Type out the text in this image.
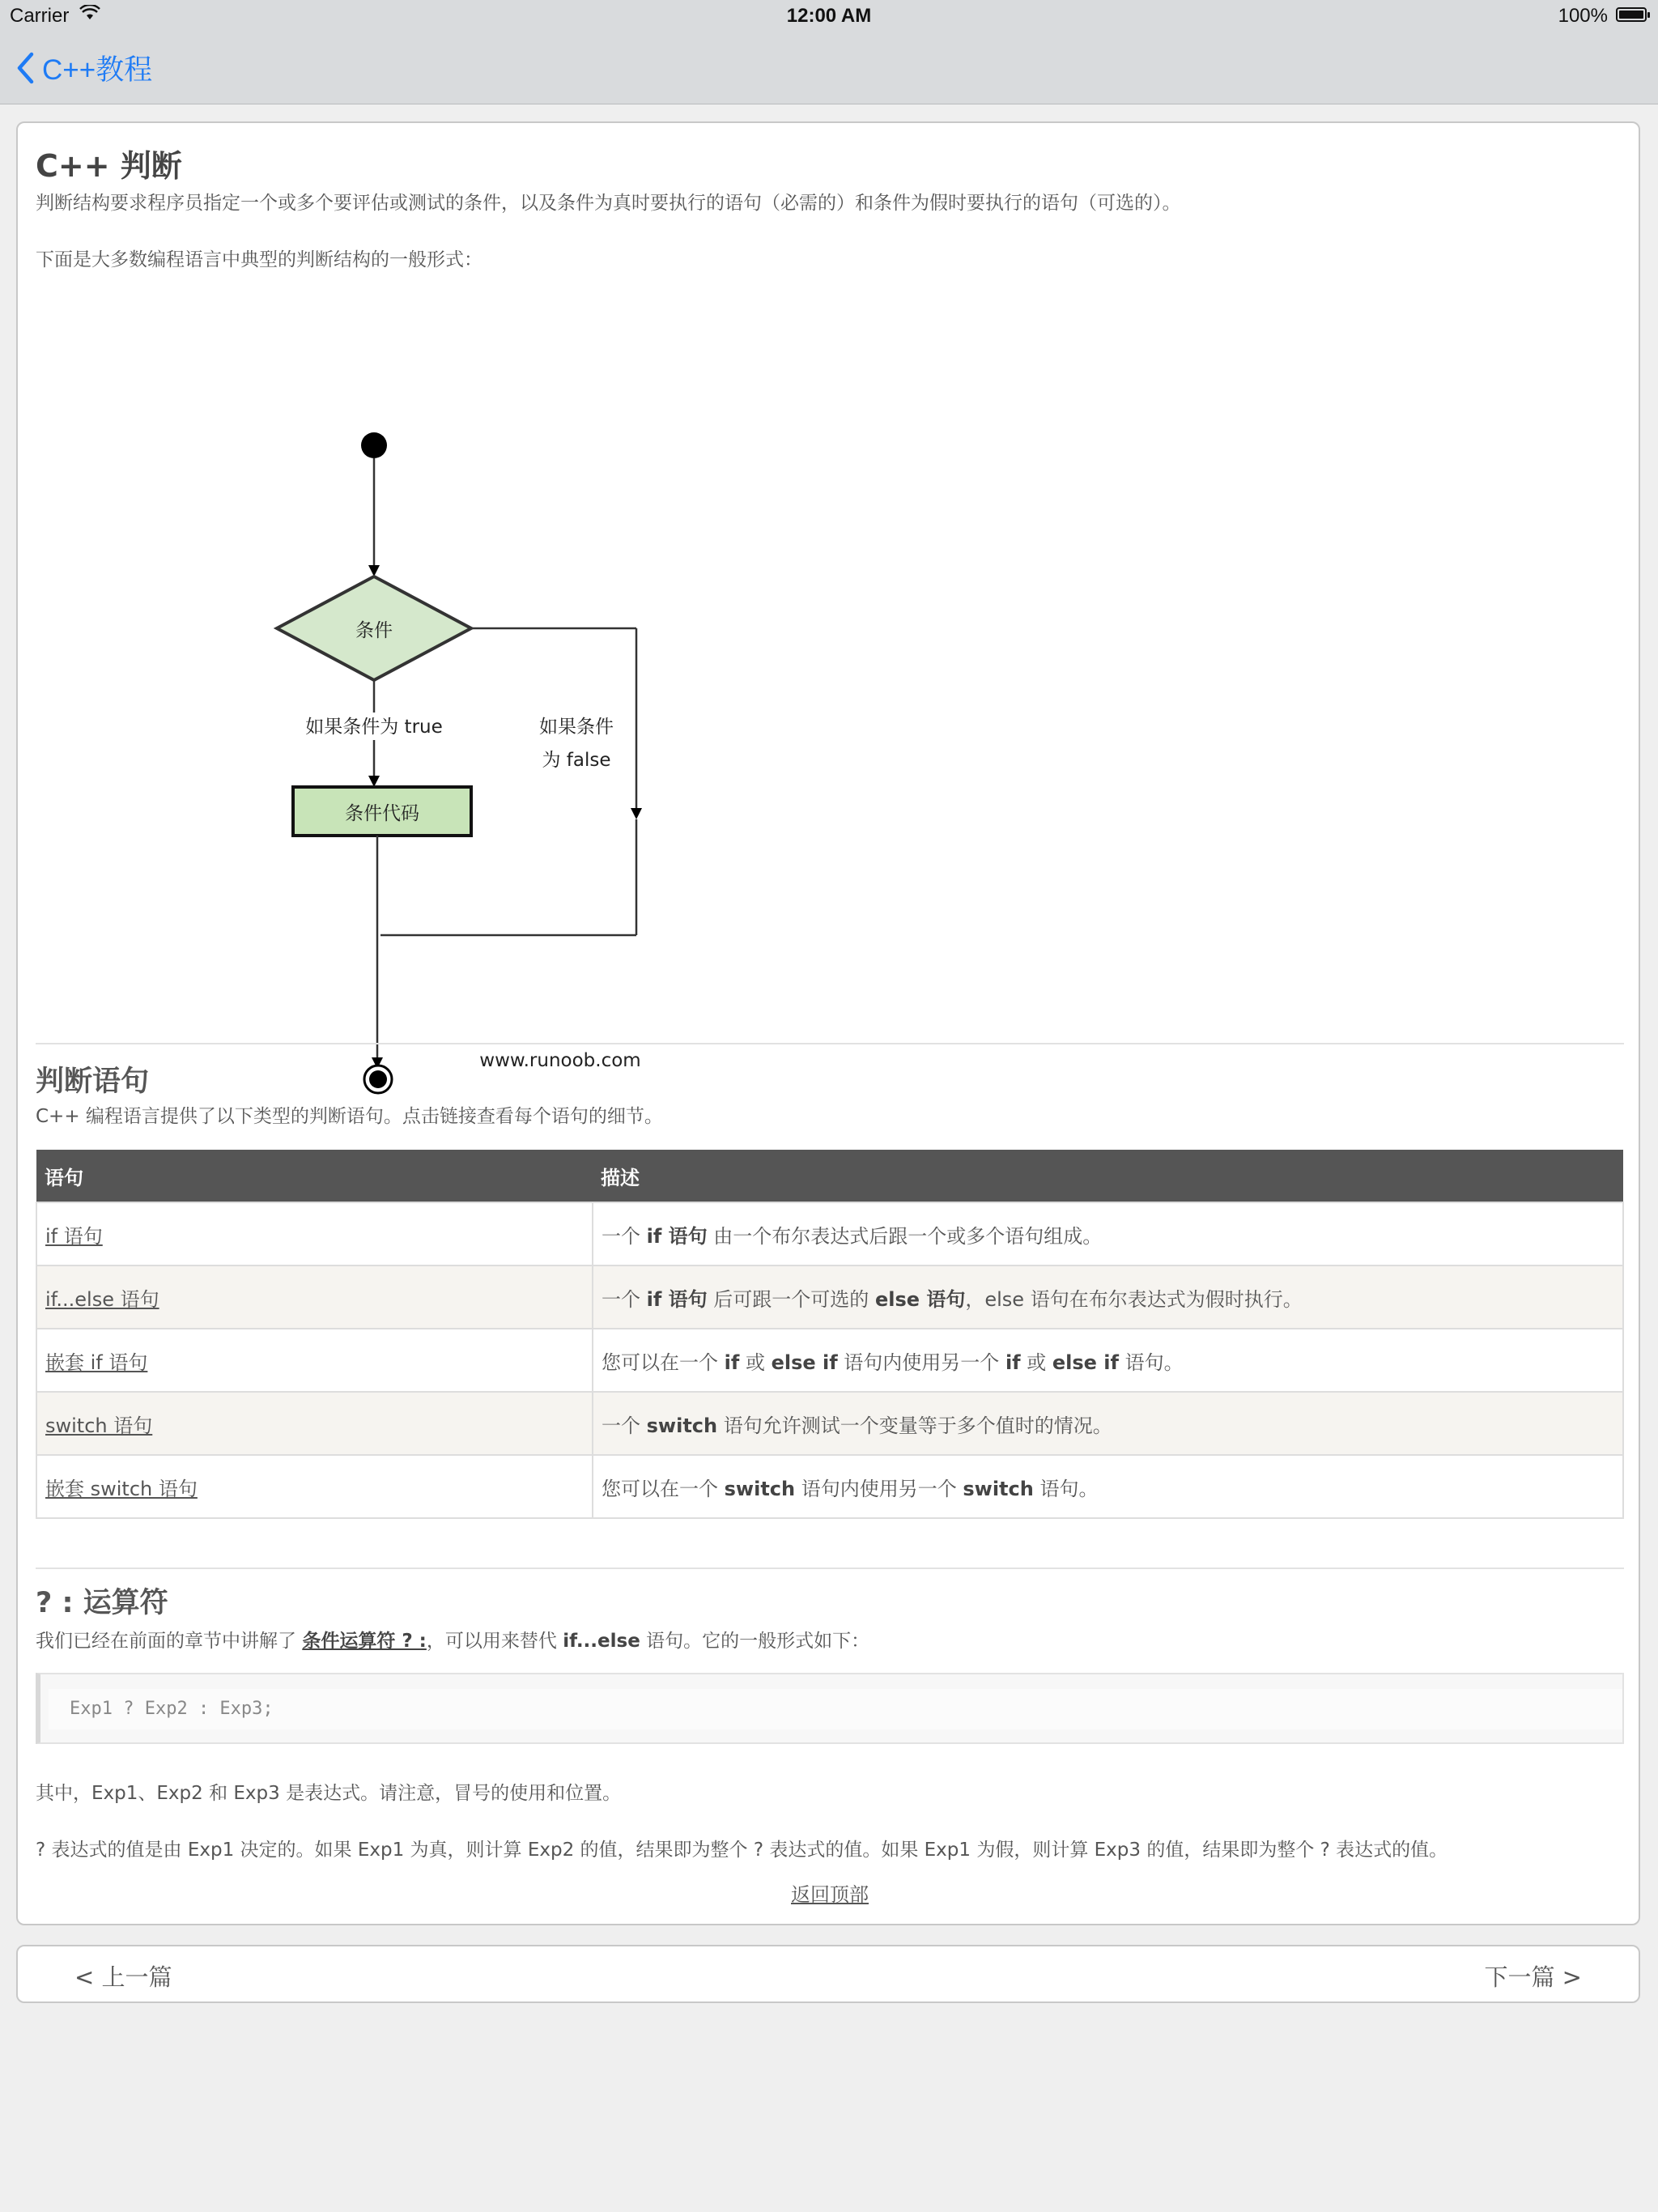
Carrier	12:00 AM	100%
C++教程
C++ 判断

判断结构要求程序员指定一个或多个要评估或测试的条件，以及条件为真时要执行的语句（必需的）和条件为假时要执行的语句（可选的）。

下面是大多数编程语言中典型的判断结构的一般形式：

条件
如果条件为 true
条件代码
如果条件
为 false
www.runoob.com
判断语句

C++ 编程语言提供了以下类型的判断语句。点击链接查看每个语句的细节。

语句	描述
if 语句	一个 if 语句 由一个布尔表达式后跟一个或多个语句组成。
if...else 语句	一个 if 语句 后可跟一个可选的 else 语句，else 语句在布尔表达式为假时执行。
嵌套 if 语句	您可以在一个 if 或 else if 语句内使用另一个 if 或 else if 语句。
switch 语句	一个 switch 语句允许测试一个变量等于多个值时的情况。
嵌套 switch 语句	您可以在一个 switch 语句内使用另一个 switch 语句。
? : 运算符

我们已经在前面的章节中讲解了 条件运算符 ? :，可以用来替代 if...else 语句。它的一般形式如下：

Exp1 ? Exp2 : Exp3;

其中，Exp1、Exp2 和 Exp3 是表达式。请注意，冒号的使用和位置。

? 表达式的值是由 Exp1 决定的。如果 Exp1 为真，则计算 Exp2 的值，结果即为整个 ? 表达式的值。如果 Exp1 为假，则计算 Exp3 的值，结果即为整个 ? 表达式的值。

返回顶部
< 上一篇	下一篇 >
